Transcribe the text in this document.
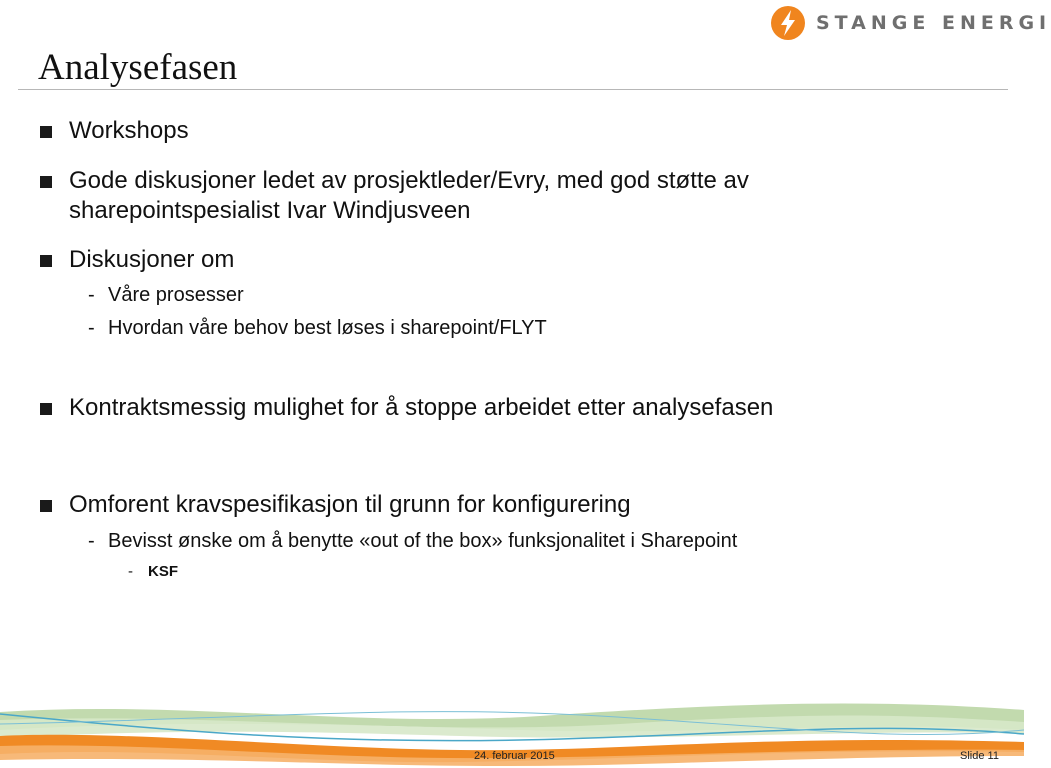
STANGE ENERGI
Analysefasen
Workshops
Gode diskusjoner ledet av prosjektleder/Evry, med god støtte av
sharepointspesialist Ivar Windjusveen
Diskusjoner om
- Våre prosesser
- Hvordan våre behov best løses i sharepoint/FLYT
Kontraktsmessig mulighet for å stoppe arbeidet etter analysefasen
Omforent kravspesifikasjon til grunn for konfigurering
- Bevisst ønske om å benytte «out of the box» funksjonalitet i Sharepoint
-	KSF
24. februar 2015	Slide 11
